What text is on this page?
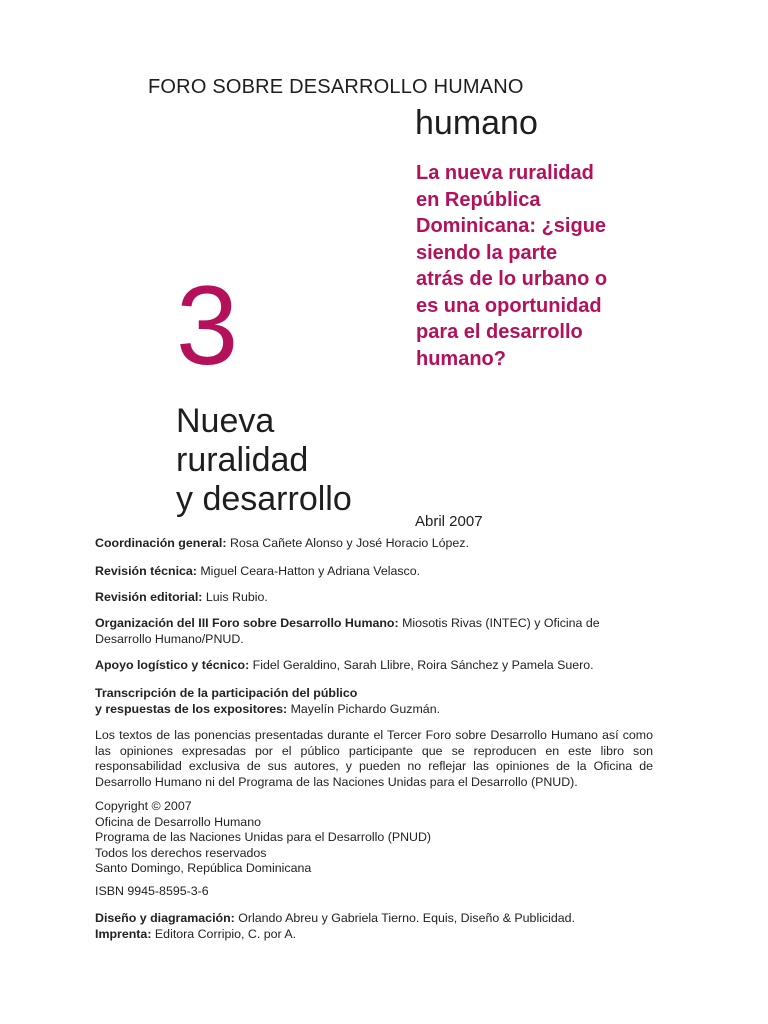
FORO SOBRE DESARROLLO HUMANO
humano
La nueva ruralidad
en República
Dominicana: ¿sigue
siendo la parte
atrás de lo urbano o
es una oportunidad
para el desarrollo
humano?
3
Nueva
ruralidad
y desarrollo
Abril 2007
Coordinación general: Rosa Cañete Alonso y José Horacio López.
Revisión técnica: Miguel Ceara-Hatton y Adriana Velasco.
Revisión editorial: Luis Rubio.
Organización del III Foro sobre Desarrollo Humano: Miosotis Rivas (INTEC) y Oficina de Desarrollo Humano/PNUD.
Apoyo logístico y técnico: Fidel Geraldino, Sarah Llibre, Roira Sánchez y Pamela Suero.
Transcripción de la participación del público
y respuestas de los expositores: Mayelín Pichardo Guzmán.
Los textos de las ponencias presentadas durante el Tercer Foro sobre Desarrollo Humano así como las opiniones expresadas por el público participante que se reproducen en este libro son responsabilidad exclusiva de sus autores, y pueden no reflejar las opiniones de la Oficina de Desarrollo Humano ni del Programa de las Naciones Unidas para el Desarrollo (PNUD).
Copyright © 2007
Oficina de Desarrollo Humano
Programa de las Naciones Unidas para el Desarrollo (PNUD)
Todos los derechos reservados
Santo Domingo, República Dominicana
ISBN 9945-8595-3-6
Diseño y diagramación: Orlando Abreu y Gabriela Tierno. Equis, Diseño & Publicidad.
Imprenta: Editora Corripio, C. por A.
